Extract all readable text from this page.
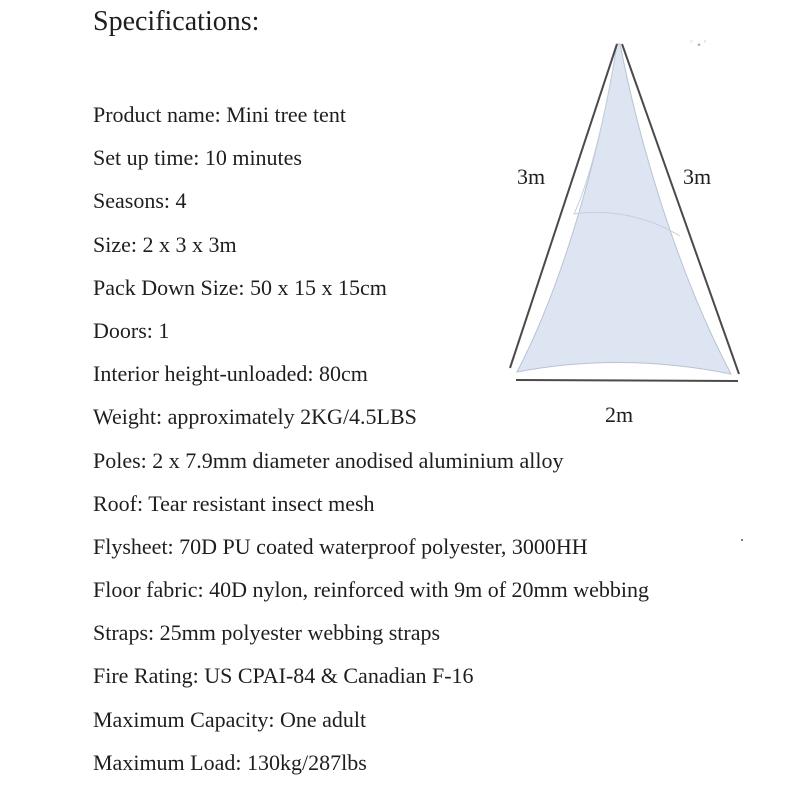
Specifications:
Product name: Mini tree tent
Set up time: 10 minutes
Seasons: 4
Size: 2 x 3 x 3m
Pack Down Size: 50 x 15 x 15cm
Doors: 1
Interior height-unloaded: 80cm
Weight: approximately 2KG/4.5LBS
Poles: 2 x 7.9mm diameter anodised aluminium alloy
Roof: Tear resistant insect mesh
Flysheet: 70D PU coated waterproof polyester, 3000HH
Floor fabric: 40D nylon, reinforced with 9m of 20mm webbing
Straps: 25mm polyester webbing straps
Fire Rating: US CPAI-84 & Canadian F-16
Maximum Capacity: One adult
Maximum Load: 130kg/287lbs
3m	3m
2m
ﾟ▪ﾟ
